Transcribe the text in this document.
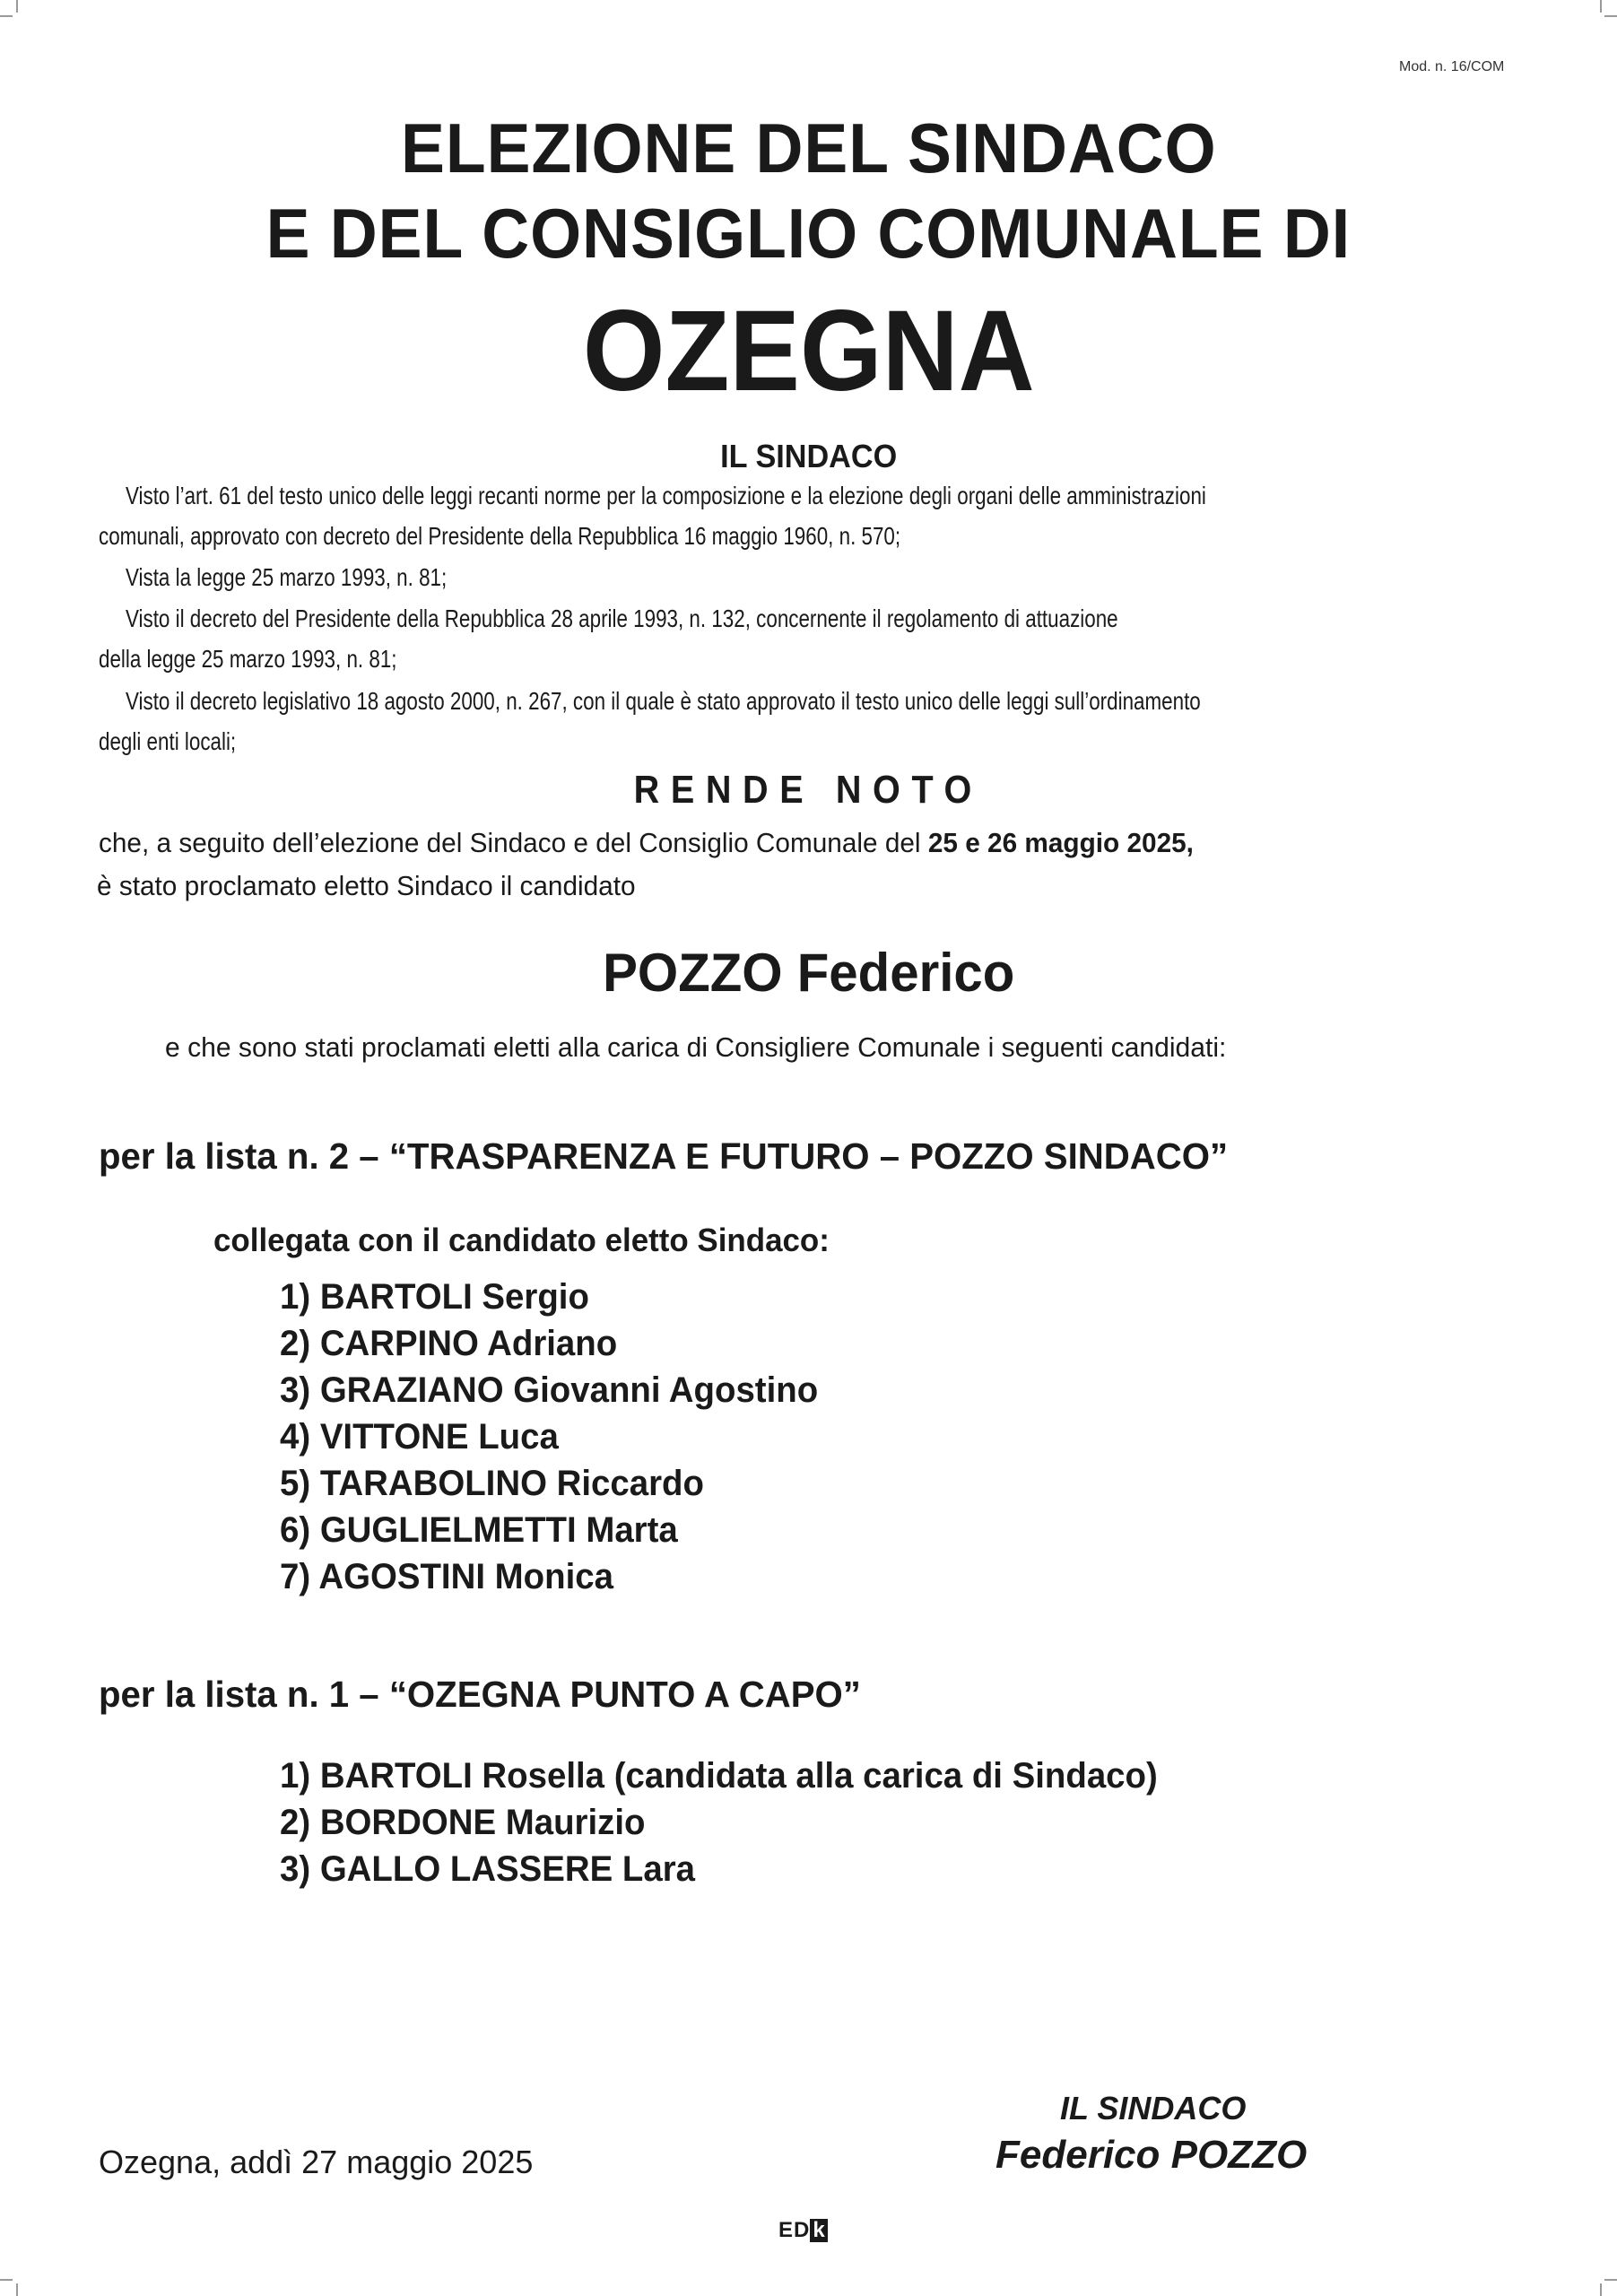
Mod. n. 16/COM
ELEZIONE DEL SINDACO
E DEL CONSIGLIO COMUNALE DI
OZEGNA
IL SINDACO
Visto l’art. 61 del testo unico delle leggi recanti norme per la composizione e la elezione degli organi delle amministrazioni
comunali, approvato con decreto del Presidente della Repubblica 16 maggio 1960, n. 570;
Vista la legge 25 marzo 1993, n. 81;
Visto il decreto del Presidente della Repubblica 28 aprile 1993, n. 132, concernente il regolamento di attuazione
della legge 25 marzo 1993, n. 81;
Visto il decreto legislativo 18 agosto 2000, n. 267, con il quale è stato approvato il testo unico delle leggi sull’ordinamento
degli enti locali;
RENDE NOTO
che, a seguito dell’elezione del Sindaco e del Consiglio Comunale del 25 e 26 maggio 2025,
è stato proclamato eletto Sindaco il candidato
POZZO Federico
e che sono stati proclamati eletti alla carica di Consigliere Comunale i seguenti candidati:
per la lista n. 2 – “TRASPARENZA E FUTURO – POZZO SINDACO”
collegata con il candidato eletto Sindaco:
1) BARTOLI Sergio
2) CARPINO Adriano
3) GRAZIANO Giovanni Agostino
4) VITTONE Luca
5) TARABOLINO Riccardo
6) GUGLIELMETTI Marta
7) AGOSTINI Monica
per la lista n. 1 – “OZEGNA PUNTO A CAPO”
1) BARTOLI Rosella (candidata alla carica di Sindaco)
2) BORDONE Maurizio
3) GALLO LASSERE Lara
IL SINDACO
Federico POZZO
Ozegna, addì 27 maggio 2025
ED k
